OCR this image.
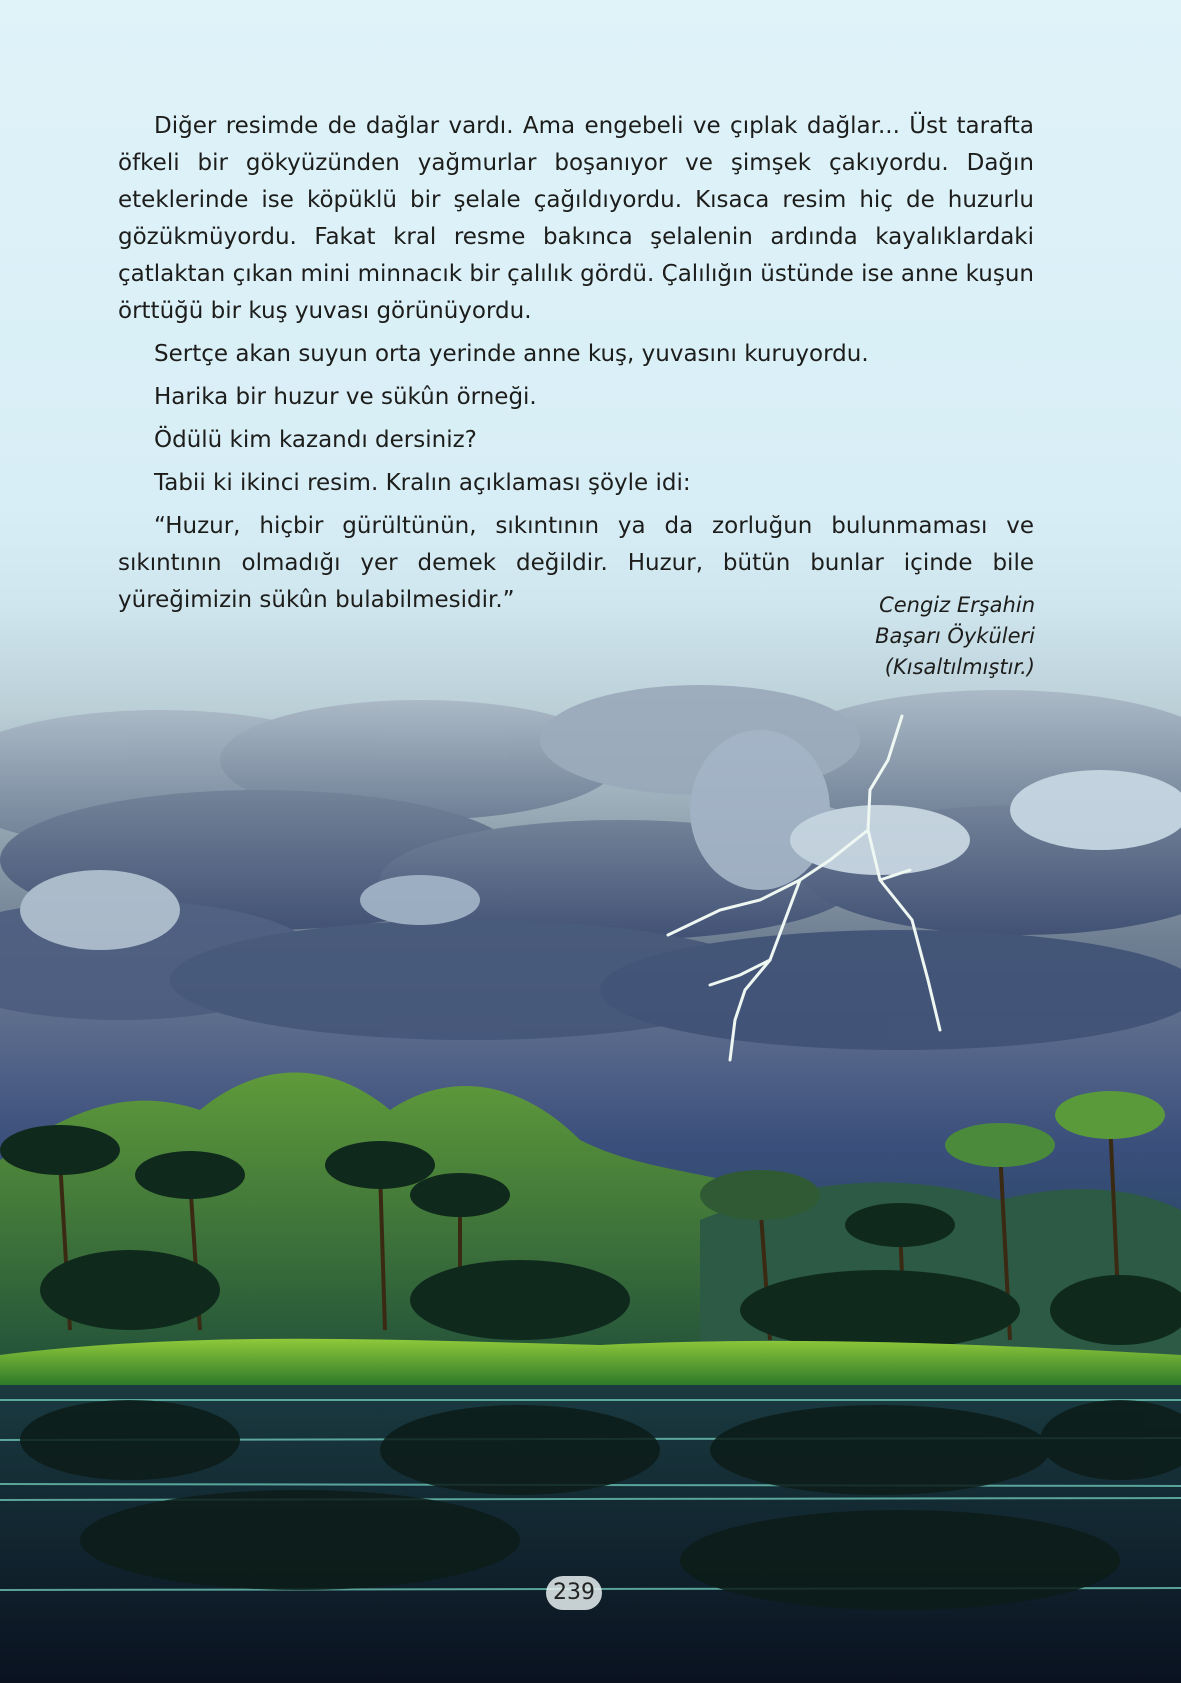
Diğer resimde de dağlar vardı. Ama engebeli ve çıplak dağlar... Üst tarafta öfkeli bir gökyüzünden yağmurlar boşanıyor ve şimşek çakıyordu. Dağın eteklerinde ise köpüklü bir şelale çağıldıyordu. Kısaca resim hiç de huzurlu gözükmüyordu. Fakat kral resme bakınca şelalenin ardında kayalıklardaki çatlaktan çıkan mini minnacık bir çalılık gördü. Çalılığın üstünde ise anne kuşun örttüğü bir kuş yuvası görünüyordu.

Sertçe akan suyun orta yerinde anne kuş, yuvasını kuruyordu.

Harika bir huzur ve sükûn örneği.

Ödülü kim kazandı dersiniz?

Tabii ki ikinci resim. Kralın açıklaması şöyle idi:

“Huzur, hiçbir gürültünün, sıkıntının ya da zorluğun bulunmaması ve sıkıntının olmadığı yer demek değildir. Huzur, bütün bunlar içinde bile yüreğimizin sükûn bulabilmesidir.”	Cengiz Erşahin
Başarı Öyküleri
(Kısaltılmıştır.)
239
